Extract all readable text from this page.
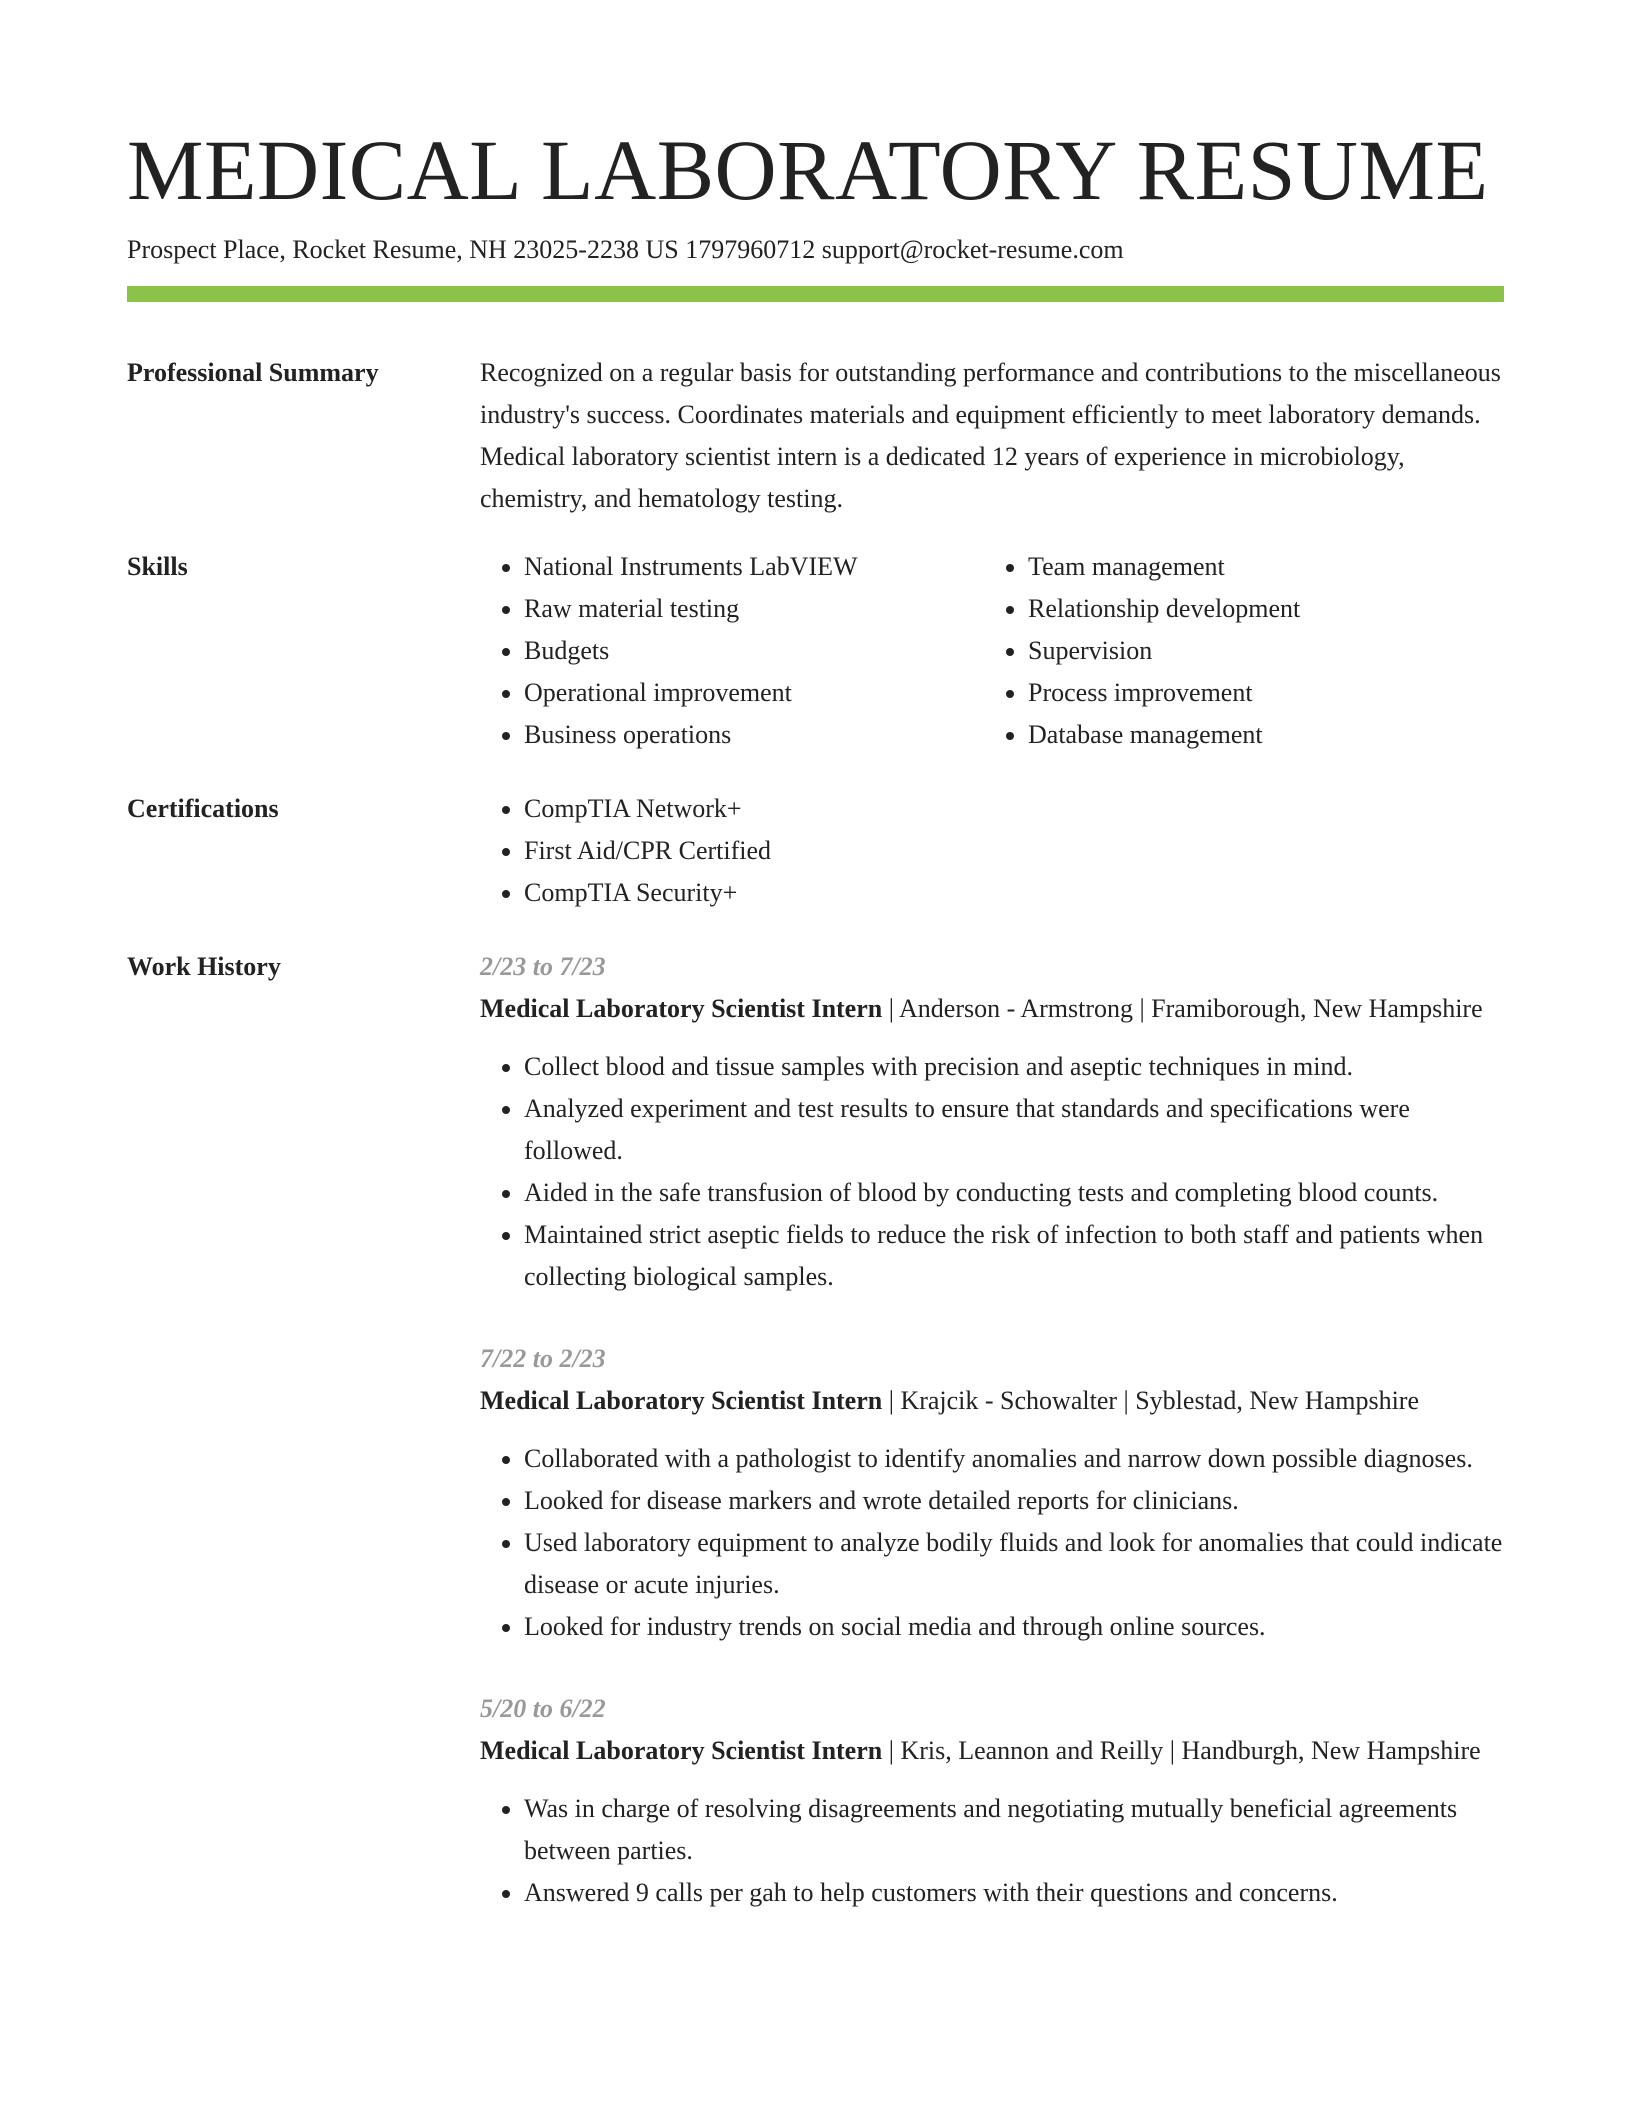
MEDICAL LABORATORY RESUME
Prospect Place, Rocket Resume, NH 23025-2238 US 1797960712 support@rocket-resume.com
Professional Summary	Recognized on a regular basis for outstanding performance and contributions to the miscellaneous industry's success. Coordinates materials and equipment efficiently to meet laboratory demands. Medical laboratory scientist intern is a dedicated 12 years of experience in microbiology, chemistry, and hematology testing.

Skills	• National Instruments LabVIEW
• Raw material testing
• Budgets
• Operational improvement
• Business operations
• Team management
• Relationship development
• Supervision
• Process improvement
• Database management
Certifications	• CompTIA Network+
• First Aid/CPR Certified
• CompTIA Security+
Work History	2/23 to 7/23
Medical Laboratory Scientist Intern | Anderson - Armstrong | Framiborough, New Hampshire
• Collect blood and tissue samples with precision and aseptic techniques in mind.
• Analyzed experiment and test results to ensure that standards and specifications were followed.
• Aided in the safe transfusion of blood by conducting tests and completing blood counts.
• Maintained strict aseptic fields to reduce the risk of infection to both staff and patients when collecting biological samples.
7/22 to 2/23
Medical Laboratory Scientist Intern | Krajcik - Schowalter | Syblestad, New Hampshire
• Collaborated with a pathologist to identify anomalies and narrow down possible diagnoses.
• Looked for disease markers and wrote detailed reports for clinicians.
• Used laboratory equipment to analyze bodily fluids and look for anomalies that could indicate disease or acute injuries.
• Looked for industry trends on social media and through online sources.
5/20 to 6/22
Medical Laboratory Scientist Intern | Kris, Leannon and Reilly | Handburgh, New Hampshire
• Was in charge of resolving disagreements and negotiating mutually beneficial agreements between parties.
• Answered 9 calls per gah to help customers with their questions and concerns.
